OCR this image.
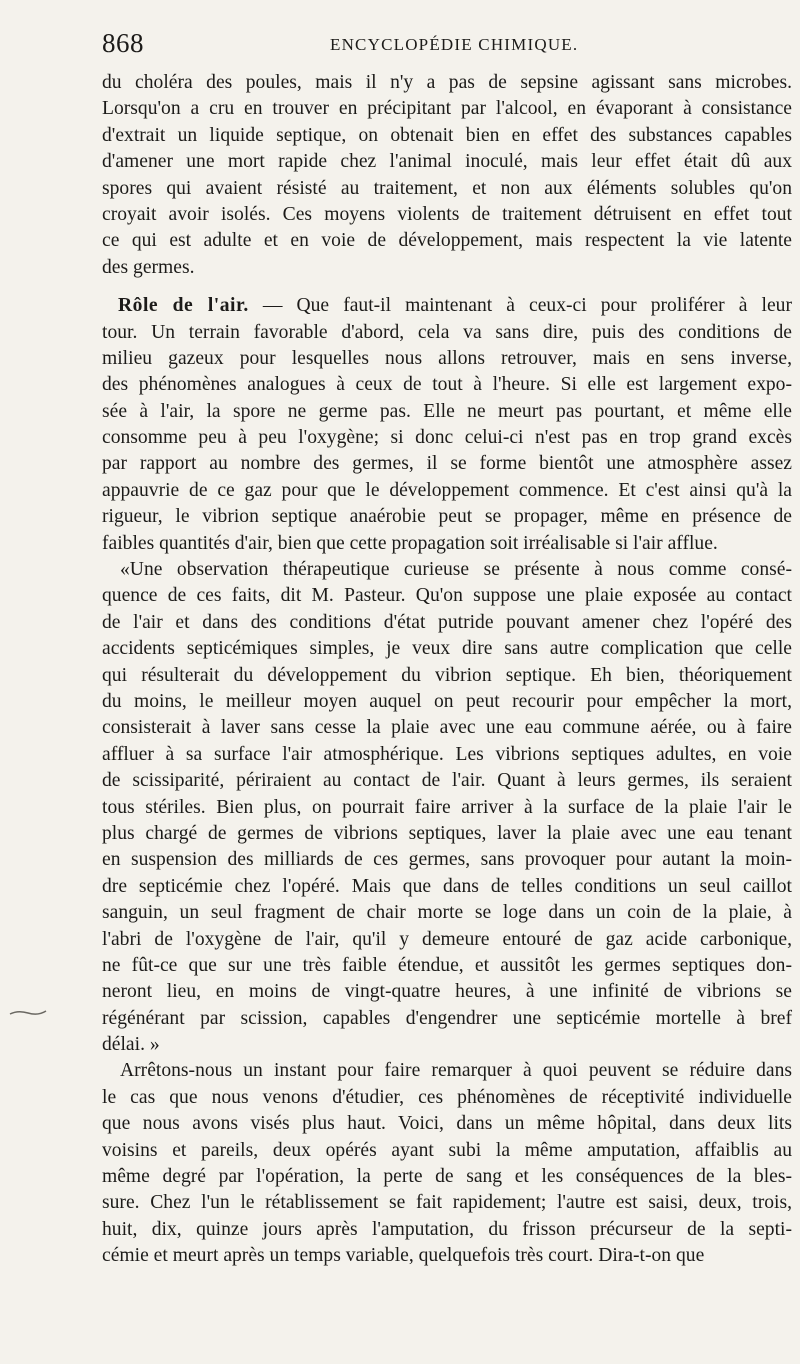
868	ENCYCLOPÉDIE CHIMIQUE.
du choléra des poules, mais il n'y a pas de sepsine agissant sans microbes.
Lorsqu'on a cru en trouver en précipitant par l'alcool, en évaporant à consistance
d'extrait un liquide septique, on obtenait bien en effet des substances capables
d'amener une mort rapide chez l'animal inoculé, mais leur effet était dû aux
spores qui avaient résisté au traitement, et non aux éléments solubles qu'on
croyait avoir isolés. Ces moyens violents de traitement détruisent en effet tout
ce qui est adulte et en voie de développement, mais respectent la vie latente
des germes.
Rôle de l'air. — Que faut-il maintenant à ceux-ci pour proliférer à leur
tour. Un terrain favorable d'abord, cela va sans dire, puis des conditions de
milieu gazeux pour lesquelles nous allons retrouver, mais en sens inverse,
des phénomènes analogues à ceux de tout à l'heure. Si elle est largement expo-
sée à l'air, la spore ne germe pas. Elle ne meurt pas pourtant, et même elle
consomme peu à peu l'oxygène; si donc celui-ci n'est pas en trop grand excès
par rapport au nombre des germes, il se forme bientôt une atmosphère assez
appauvrie de ce gaz pour que le développement commence. Et c'est ainsi qu'à la
rigueur, le vibrion septique anaérobie peut se propager, même en présence de
faibles quantités d'air, bien que cette propagation soit irréalisable si l'air afflue.
«Une observation thérapeutique curieuse se présente à nous comme consé-
quence de ces faits, dit M. Pasteur. Qu'on suppose une plaie exposée au contact
de l'air et dans des conditions d'état putride pouvant amener chez l'opéré des
accidents septicémiques simples, je veux dire sans autre complication que celle
qui résulterait du développement du vibrion septique. Eh bien, théoriquement
du moins, le meilleur moyen auquel on peut recourir pour empêcher la mort,
consisterait à laver sans cesse la plaie avec une eau commune aérée, ou à faire
affluer à sa surface l'air atmosphérique. Les vibrions septiques adultes, en voie
de scissiparité, périraient au contact de l'air. Quant à leurs germes, ils seraient
tous stériles. Bien plus, on pourrait faire arriver à la surface de la plaie l'air le
plus chargé de germes de vibrions septiques, laver la plaie avec une eau tenant
en suspension des milliards de ces germes, sans provoquer pour autant la moin-
dre septicémie chez l'opéré. Mais que dans de telles conditions un seul caillot
sanguin, un seul fragment de chair morte se loge dans un coin de la plaie, à
l'abri de l'oxygène de l'air, qu'il y demeure entouré de gaz acide carbonique,
ne fût-ce que sur une très faible étendue, et aussitôt les germes septiques don-
neront lieu, en moins de vingt-quatre heures, à une infinité de vibrions se
régénérant par scission, capables d'engendrer une septicémie mortelle à bref
délai. »
Arrêtons-nous un instant pour faire remarquer à quoi peuvent se réduire dans
le cas que nous venons d'étudier, ces phénomènes de réceptivité individuelle
que nous avons visés plus haut. Voici, dans un même hôpital, dans deux lits
voisins et pareils, deux opérés ayant subi la même amputation, affaiblis au
même degré par l'opération, la perte de sang et les conséquences de la bles-
sure. Chez l'un le rétablissement se fait rapidement; l'autre est saisi, deux, trois,
huit, dix, quinze jours après l'amputation, du frisson précurseur de la septi-
cémie et meurt après un temps variable, quelquefois très court. Dira-t-on que
